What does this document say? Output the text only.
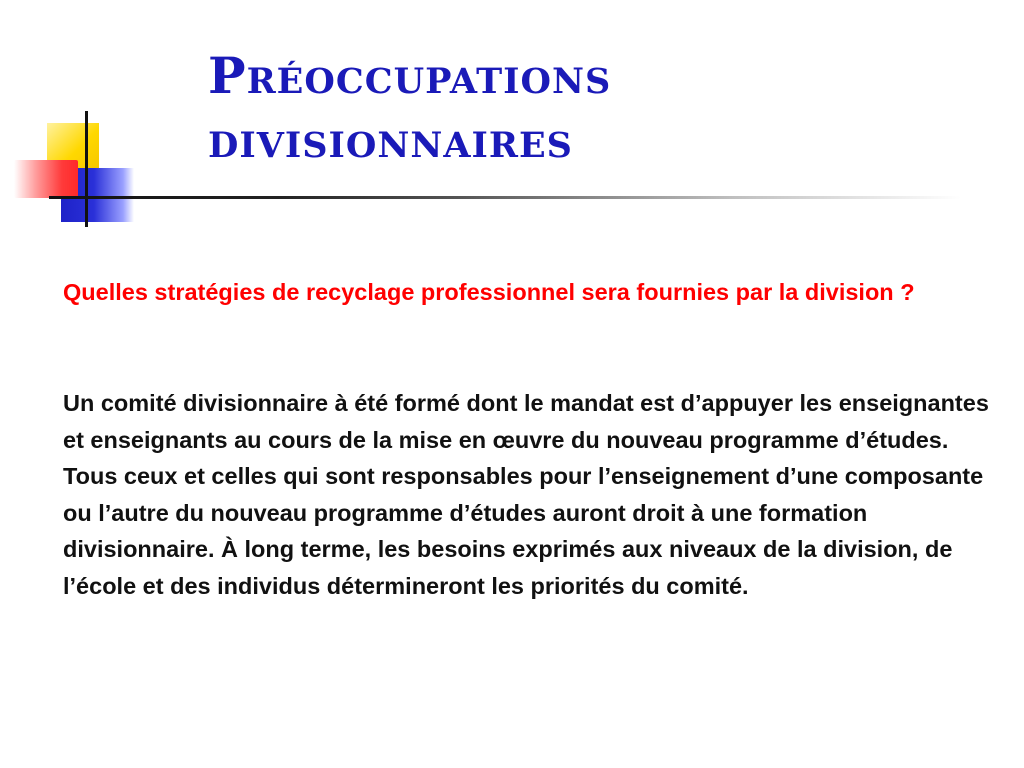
Préoccupations
divisionnaires

Quelles stratégies de recyclage professionnel sera fournies par la division ?

Un comité divisionnaire à été formé dont le mandat est d’appuyer les enseignantes et enseignants au cours de la mise en œuvre du nouveau programme d’études. Tous ceux et celles qui sont responsables pour l’enseignement d’une composante ou l’autre du nouveau programme d’études auront droit à une formation divisionnaire. À long terme, les besoins exprimés aux niveaux de la division, de l’école et des individus détermineront les priorités du comité.
